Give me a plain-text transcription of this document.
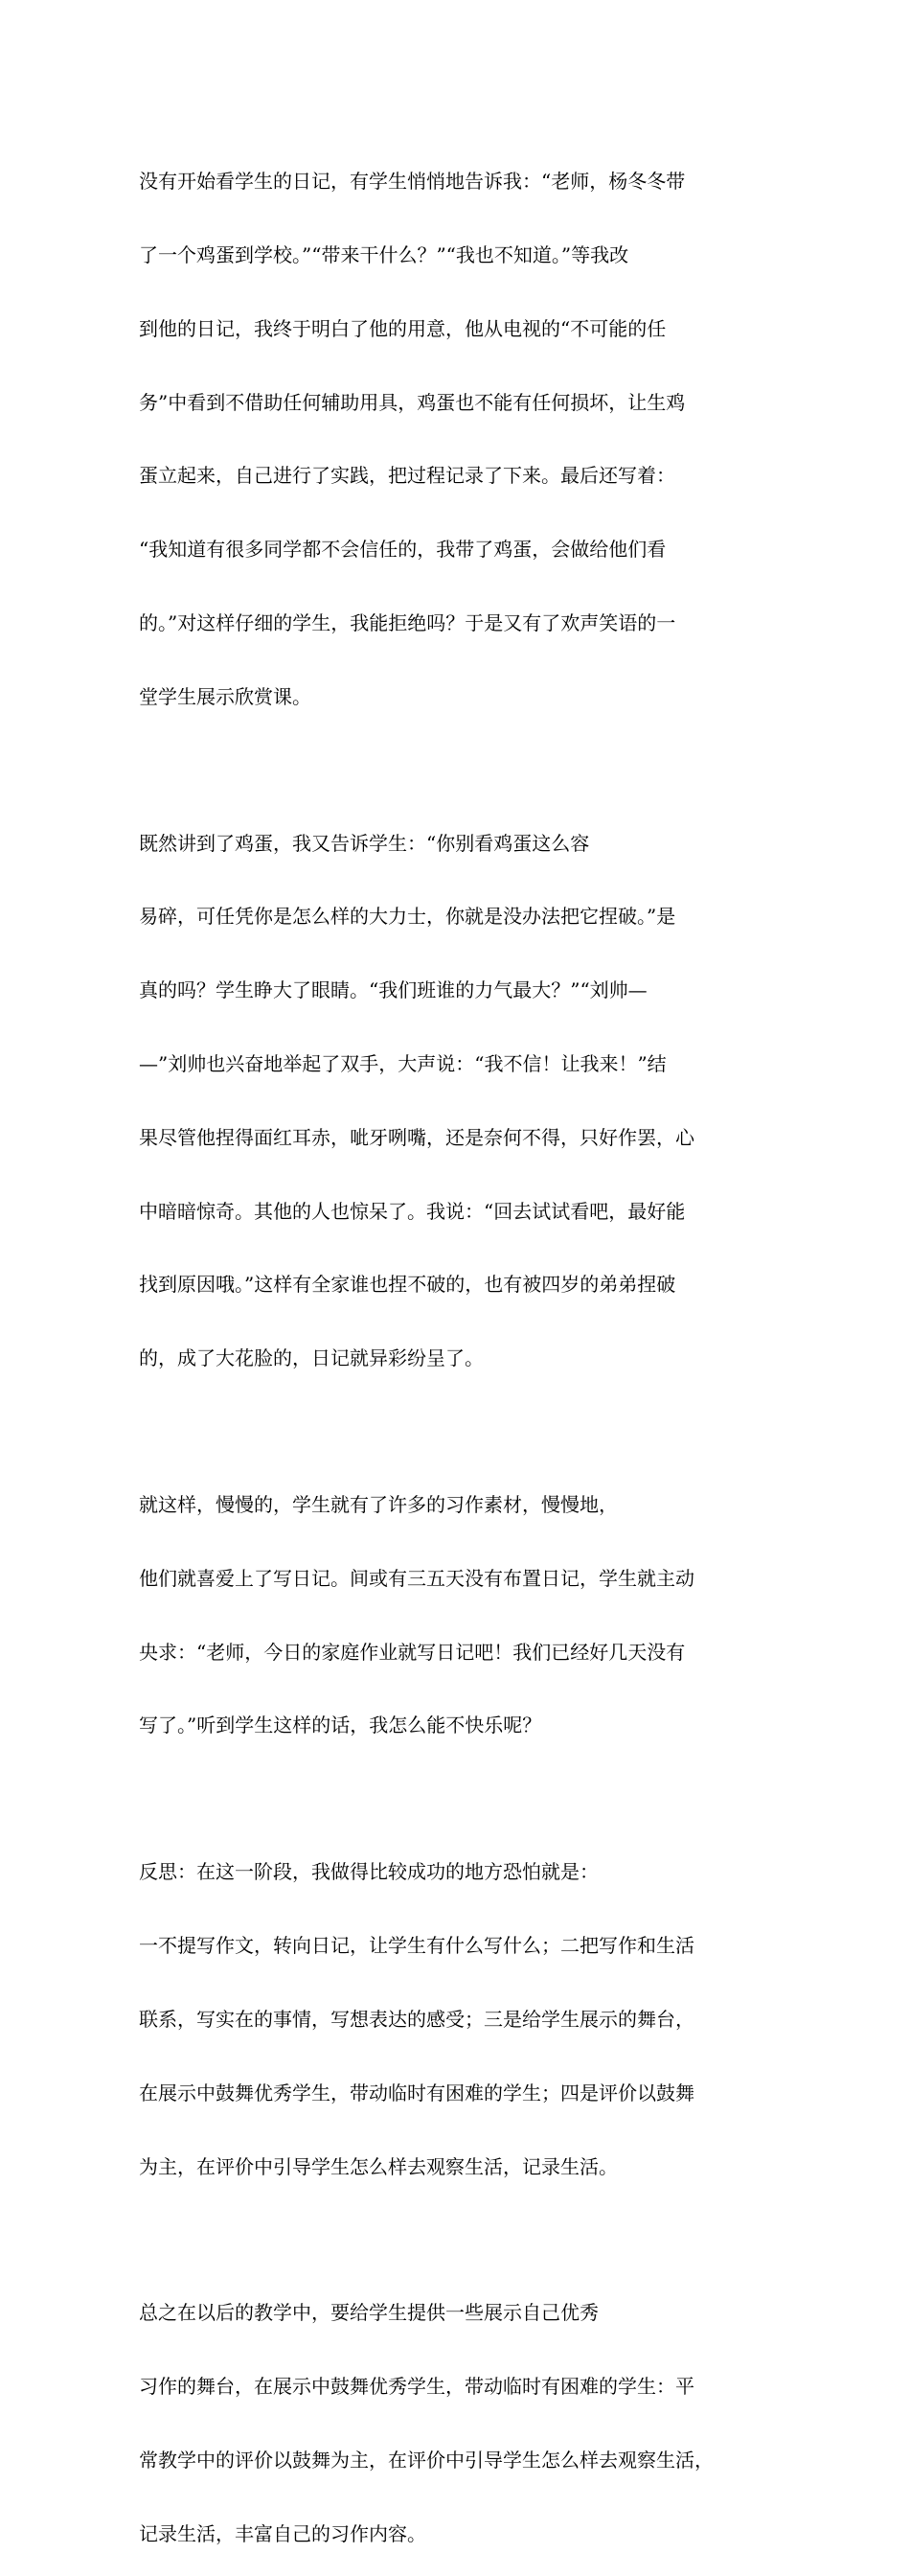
没有开始看学生的日记，有学生悄悄地告诉我：“老师，杨冬冬带

了一个鸡蛋到学校。”“带来干什么？”“我也不知道。”等我改

到他的日记，我终于明白了他的用意，他从电视的“不可能的任

务”中看到不借助任何辅助用具，鸡蛋也不能有任何损坏，让生鸡

蛋立起来，自己进行了实践，把过程记录了下来。最后还写着：

“我知道有很多同学都不会信任的，我带了鸡蛋，会做给他们看

的。”对这样仔细的学生，我能拒绝吗？于是又有了欢声笑语的一

堂学生展示欣赏课。

既然讲到了鸡蛋，我又告诉学生：“你别看鸡蛋这么容

易碎，可任凭你是怎么样的大力士，你就是没办法把它捏破。”是

真的吗？学生睁大了眼睛。“我们班谁的力气最大？”“刘帅—

—”刘帅也兴奋地举起了双手，大声说：“我不信！让我来！”结

果尽管他捏得面红耳赤，呲牙咧嘴，还是奈何不得，只好作罢，心

中暗暗惊奇。其他的人也惊呆了。我说：“回去试试看吧，最好能

找到原因哦。”这样有全家谁也捏不破的，也有被四岁的弟弟捏破

的，成了大花脸的，日记就异彩纷呈了。

就这样，慢慢的，学生就有了许多的习作素材，慢慢地，

他们就喜爱上了写日记。间或有三五天没有布置日记，学生就主动

央求：“老师，今日的家庭作业就写日记吧！我们已经好几天没有

写了。”听到学生这样的话，我怎么能不快乐呢？

反思：在这一阶段，我做得比较成功的地方恐怕就是：

一不提写作文，转向日记，让学生有什么写什么；二把写作和生活

联系，写实在的事情，写想表达的感受；三是给学生展示的舞台，

在展示中鼓舞优秀学生，带动临时有困难的学生；四是评价以鼓舞

为主，在评价中引导学生怎么样去观察生活，记录生活。

总之在以后的教学中，要给学生提供一些展示自己优秀

习作的舞台，在展示中鼓舞优秀学生，带动临时有困难的学生：平

常教学中的评价以鼓舞为主，在评价中引导学生怎么样去观察生活，

记录生活，丰富自己的习作内容。
